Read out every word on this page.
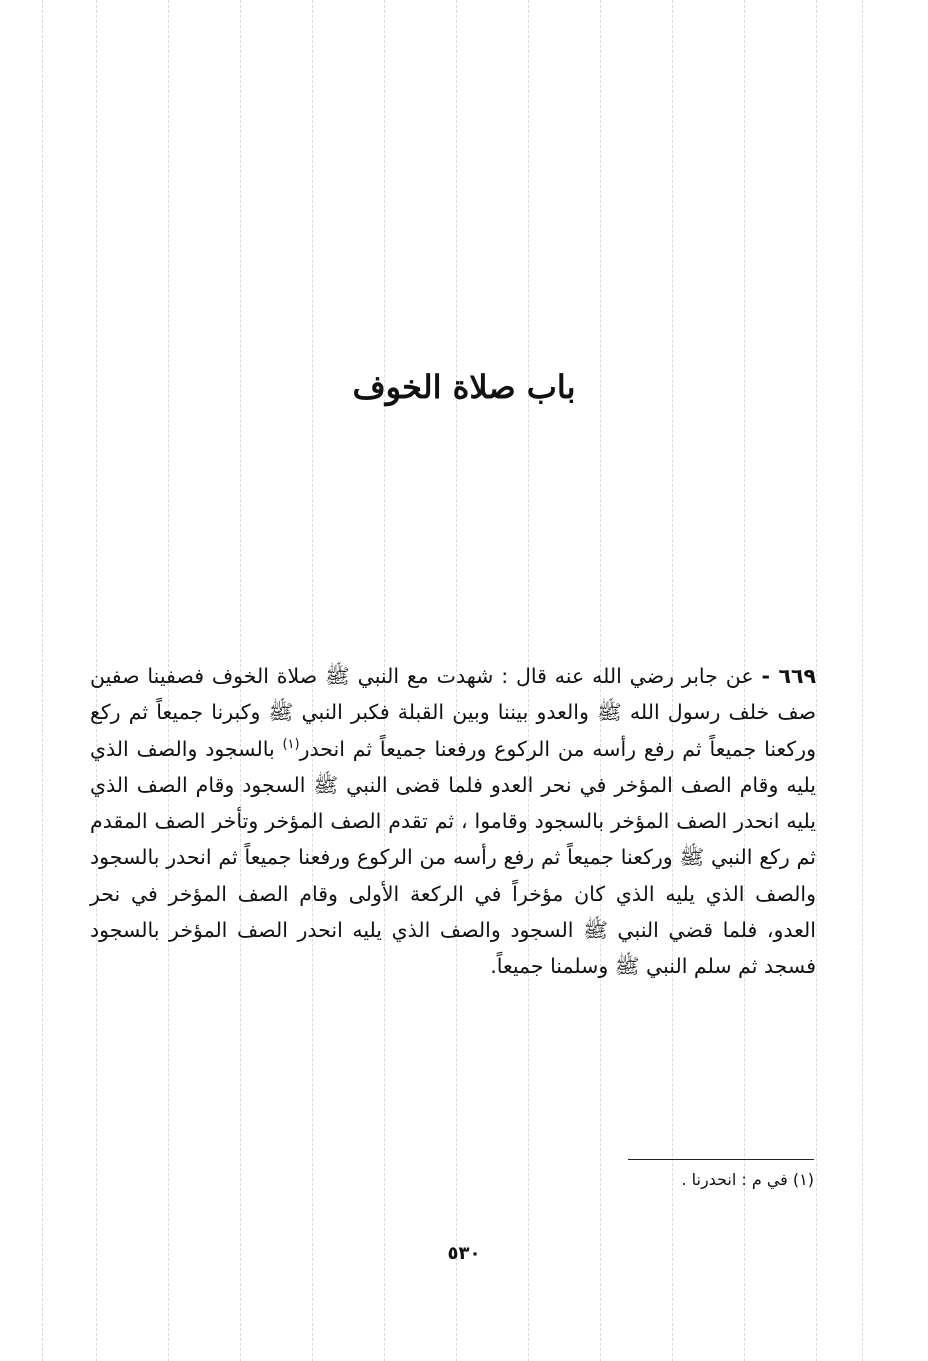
باب صلاة الخوف
٦٦٩ - عن جابر رضي الله عنه قال : شهدت مع النبي ﷺ صلاة الخوف فصفينا صفين صف خلف رسول الله ﷺ والعدو بيننا وبين القبلة فكبر النبي ﷺ وكبرنا جميعاً ثم ركع وركعنا جميعاً ثم رفع رأسه من الركوع ورفعنا جميعاً ثم انحدر$^{(١)}$ بالسجود والصف الذي يليه وقام الصف المؤخر في نحر العدو فلما قضى النبي ﷺ السجود وقام الصف الذي يليه انحدر الصف المؤخر بالسجود وقاموا ، ثم تقدم الصف المؤخر وتأخر الصف المقدم ثم ركع النبي ﷺ وركعنا جميعاً ثم رفع رأسه من الركوع ورفعنا جميعاً ثم انحدر بالسجود والصف الذي يليه الذي كان مؤخراً في الركعة الأولى وقام الصف المؤخر في نحر العدو، فلما قضي النبي ﷺ السجود والصف الذي يليه انحدر الصف المؤخر بالسجود فسجد ثم سلم النبي ﷺ وسلمنا جميعاً.
(١) في م : انحدرنا .
٥٣٠
